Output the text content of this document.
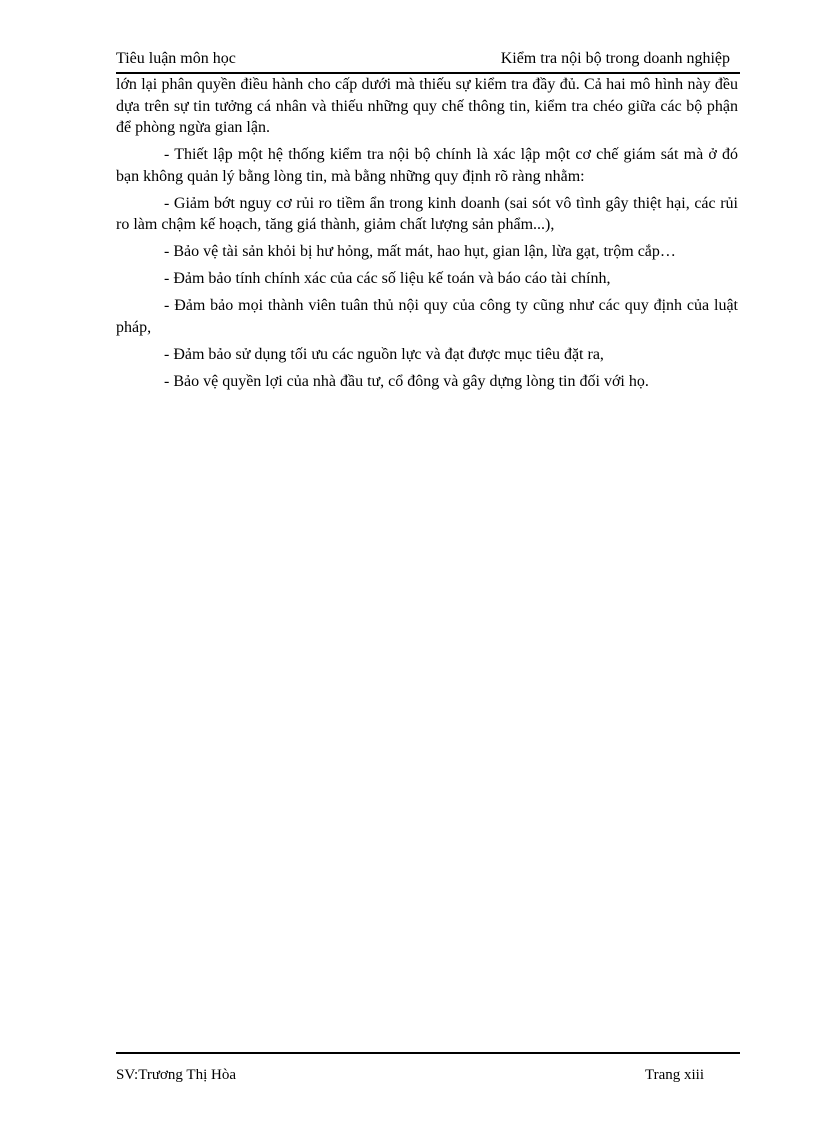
Tiêu luận môn học	Kiểm tra nội bộ trong doanh nghiệp

lớn lại phân quyền điều hành cho cấp dưới mà thiếu sự kiểm tra đầy đủ. Cả hai mô hình này đều dựa trên sự tin tưởng cá nhân và thiếu những quy chế thông tin, kiểm tra chéo giữa các bộ phận để phòng ngừa gian lận.

- Thiết lập một hệ thống kiểm tra nội bộ chính là xác lập một cơ chế giám sát mà ở đó bạn không quản lý bằng lòng tin, mà bằng những quy định rõ ràng nhằm:

- Giảm bớt nguy cơ rủi ro tiềm ẩn trong kinh doanh (sai sót vô tình gây thiệt hại, các rủi ro làm chậm kế hoạch, tăng giá thành, giảm chất lượng sản phẩm...),

- Bảo vệ tài sản khỏi bị hư hỏng, mất mát, hao hụt, gian lận, lừa gạt, trộm cắp…

- Đảm bảo tính chính xác của các số liệu kế toán và báo cáo tài chính,

- Đảm bảo mọi thành viên tuân thủ nội quy của công ty cũng như các quy định của luật pháp,

- Đảm bảo sử dụng tối ưu các nguồn lực và đạt được mục tiêu đặt ra,

- Bảo vệ quyền lợi của nhà đầu tư, cổ đông và gây dựng lòng tin đối với họ.

SV:Trương Thị Hòa	Trang xiii
